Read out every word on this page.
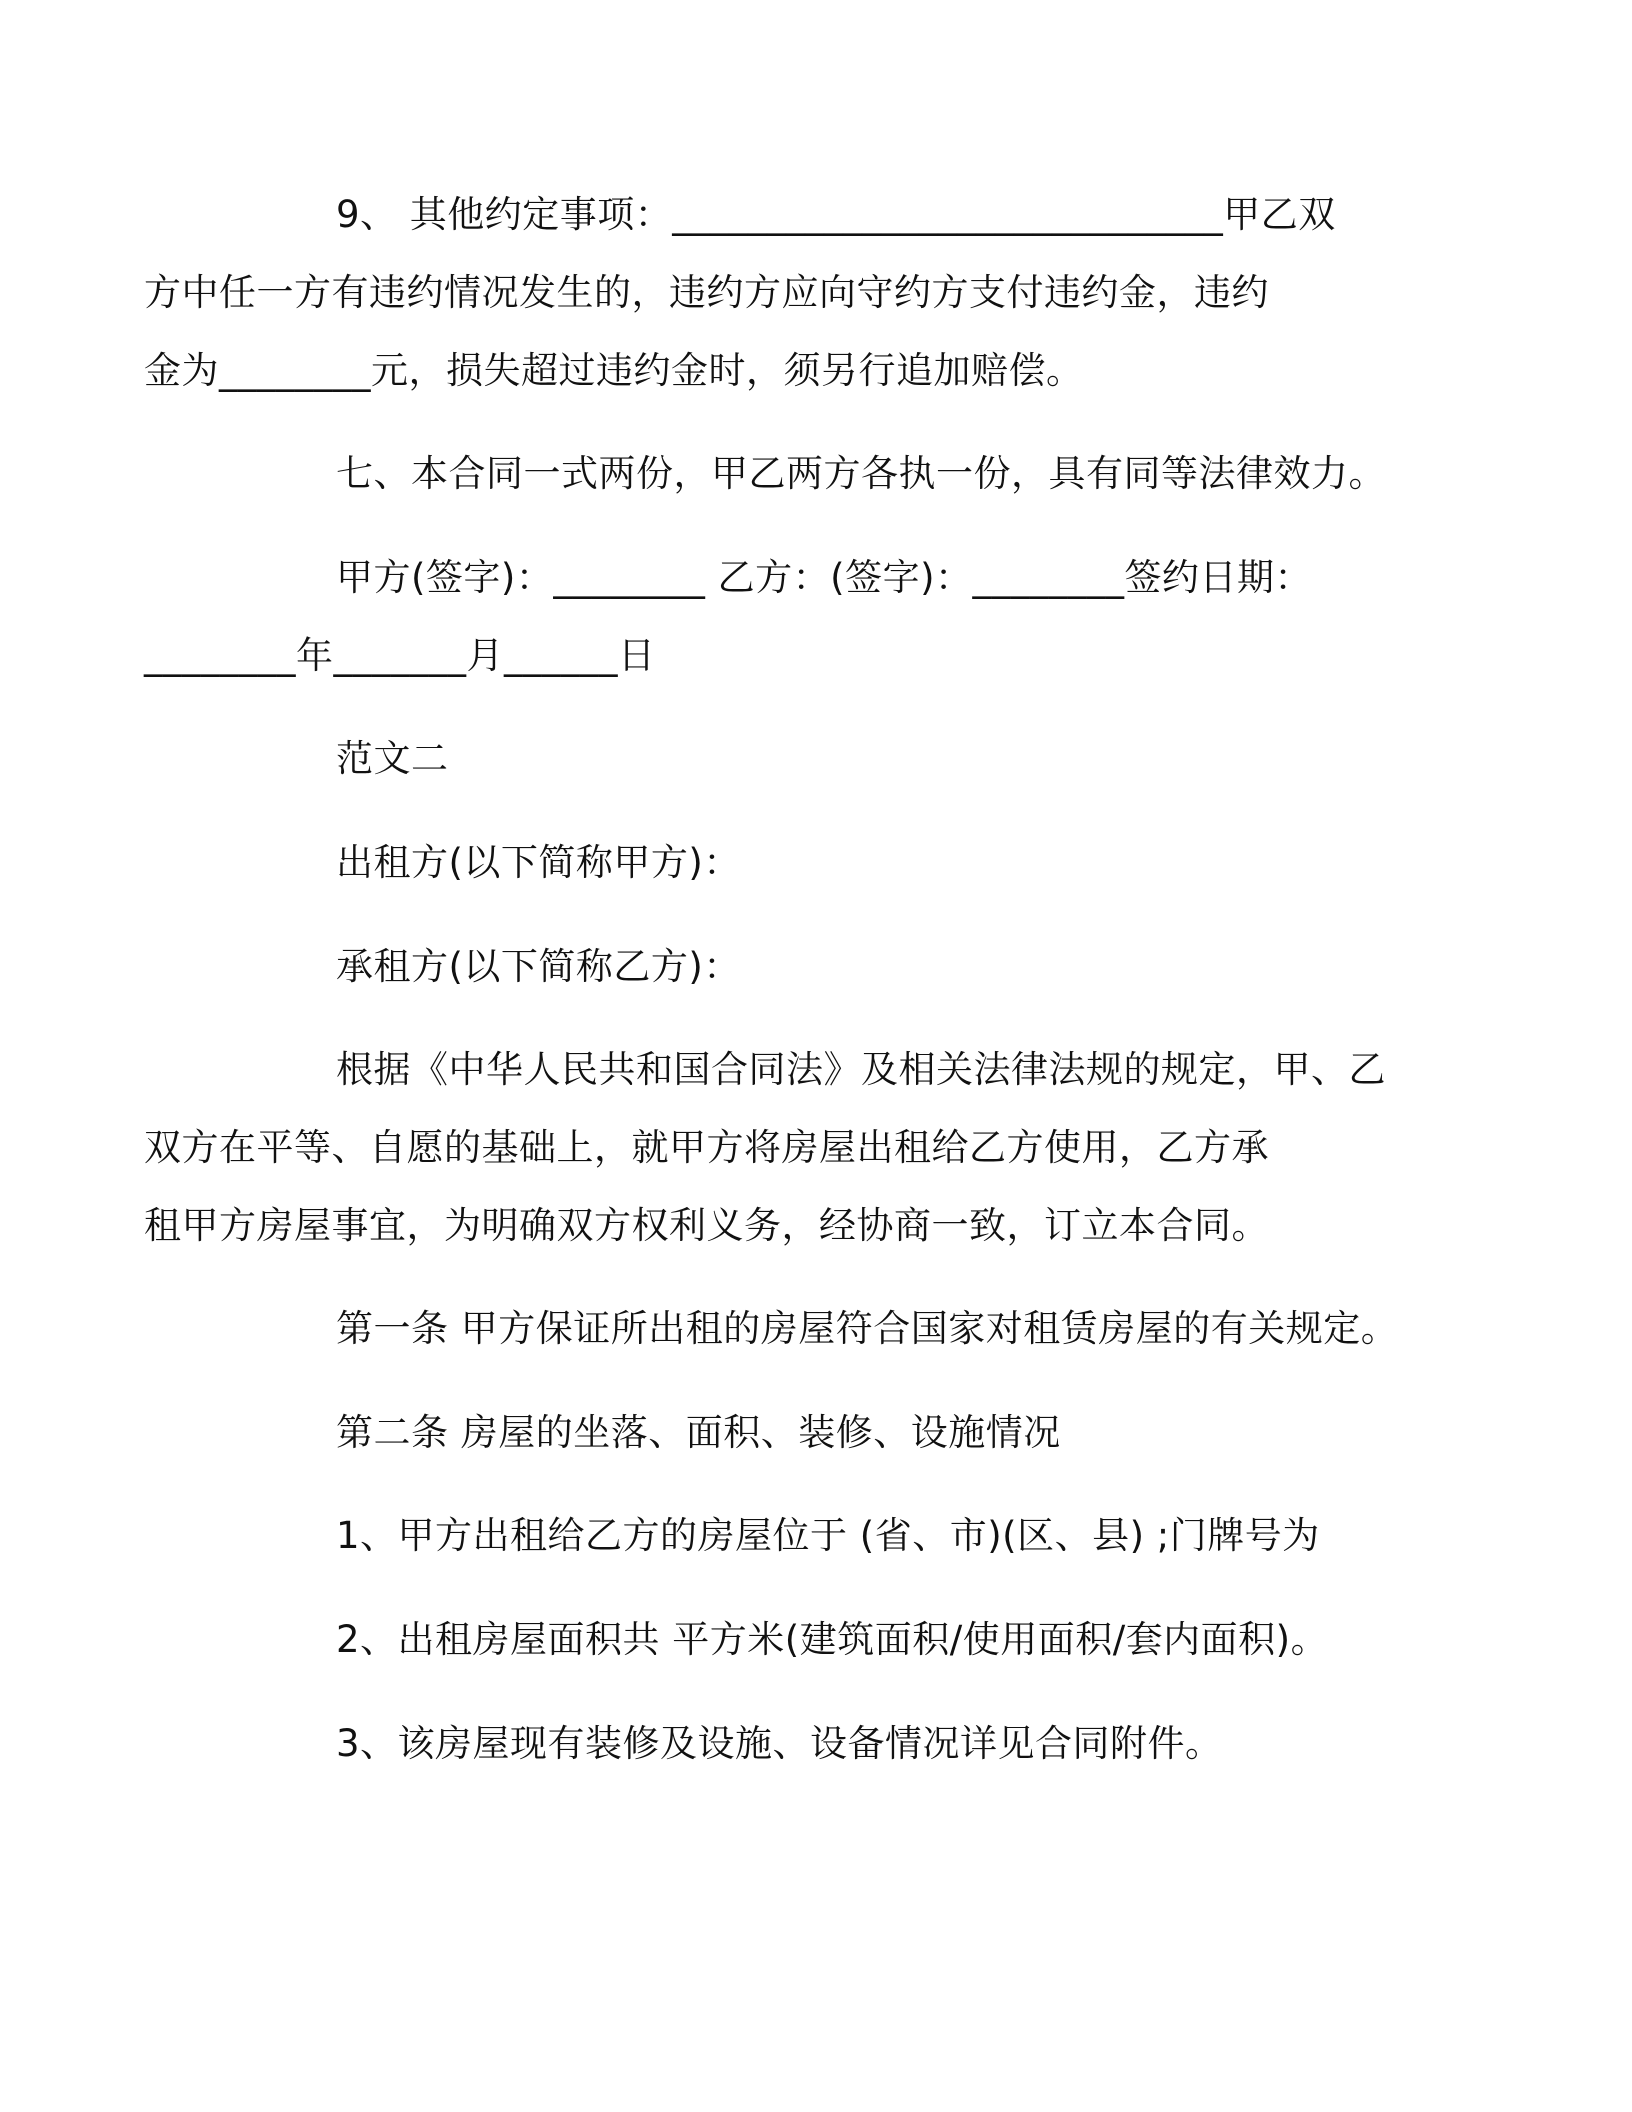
9、 其他约定事项：_____________________________甲乙双
方中任一方有违约情况发生的，违约方应向守约方支付违约金，违约
金为________元，损失超过违约金时，须另行追加赔偿。

七、本合同一式两份，甲乙两方各执一份，具有同等法律效力。

甲方(签字)：________ 乙方：(签字)：________签约日期：
________年_______月______日

范文二

出租方(以下简称甲方)：

承租方(以下简称乙方)：

根据《中华人民共和国合同法》及相关法律法规的规定，甲、乙
双方在平等、自愿的基础上，就甲方将房屋出租给乙方使用，乙方承
租甲方房屋事宜，为明确双方权利义务，经协商一致，订立本合同。

第一条 甲方保证所出租的房屋符合国家对租赁房屋的有关规定。

第二条 房屋的坐落、面积、装修、设施情况

1、甲方出租给乙方的房屋位于 (省、市)(区、县) ;门牌号为

2、出租房屋面积共 平方米(建筑面积/使用面积/套内面积)。

3、该房屋现有装修及设施、设备情况详见合同附件。
